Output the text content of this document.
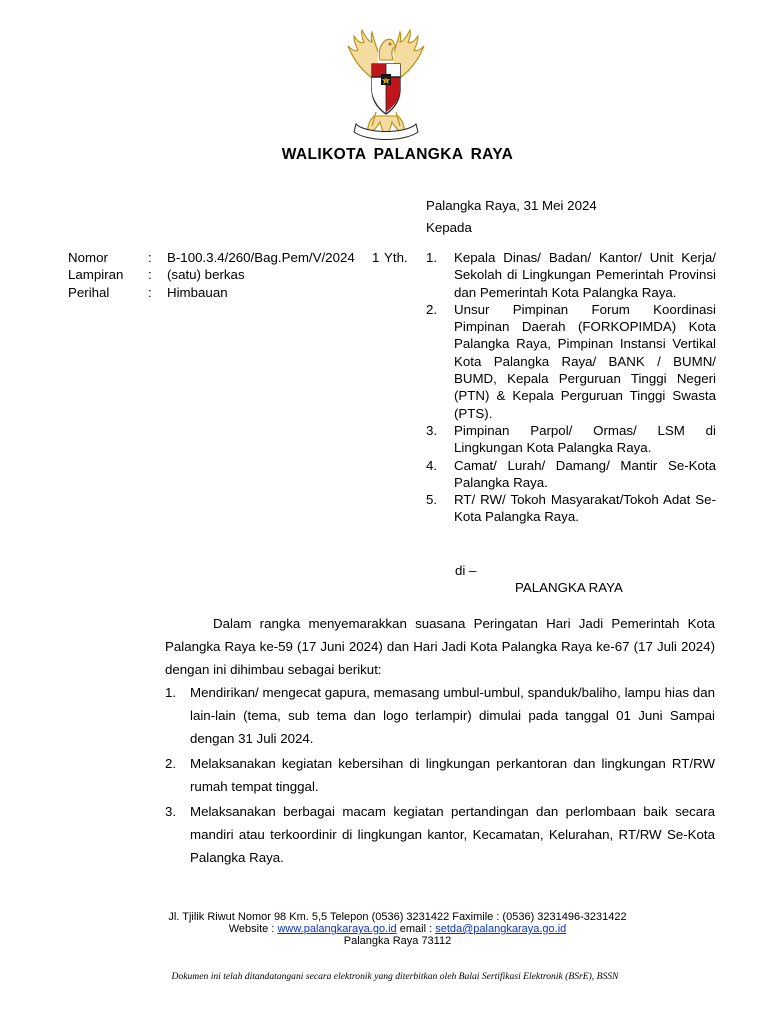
WALIKOTA PALANGKA RAYA
Palangka Raya, 31 Mei 2024
Kepada
Nomor	: B-100.3.4/260/Bag.Pem/V/2024 Yth.
Lampiran	: (satu) berkas
Perihal	: Himbauan
1. Kepala Dinas/ Badan/ Kantor/ Unit Kerja/ Sekolah di Lingkungan Pemerintah Provinsi dan Pemerintah Kota Palangka Raya.
2. Unsur Pimpinan Forum Koordinasi Pimpinan Daerah (FORKOPIMDA) Kota Palangka Raya, Pimpinan Instansi Vertikal Kota Palangka Raya/ BANK / BUMN/ BUMD, Kepala Perguruan Tinggi Negeri (PTN) & Kepala Perguruan Tinggi Swasta (PTS).
3. Pimpinan Parpol/ Ormas/ LSM di Lingkungan Kota Palangka Raya.
4. Camat/ Lurah/ Damang/ Mantir Se-Kota Palangka Raya.
5. RT/ RW/ Tokoh Masyarakat/Tokoh Adat Se-Kota Palangka Raya.
di –
PALANGKA RAYA

Dalam rangka menyemarakkan suasana Peringatan Hari Jadi Pemerintah Kota Palangka Raya ke-59 (17 Juni 2024) dan Hari Jadi Kota Palangka Raya ke-67 (17 Juli 2024) dengan ini dihimbau sebagai berikut:

1. Mendirikan/ mengecat gapura, memasang umbul-umbul, spanduk/baliho, lampu hias dan lain-lain (tema, sub tema dan logo terlampir) dimulai pada tanggal 01 Juni Sampai dengan 31 Juli 2024.
2. Melaksanakan kegiatan kebersihan di lingkungan perkantoran dan lingkungan RT/RW rumah tempat tinggal.
3. Melaksanakan berbagai macam kegiatan pertandingan dan perlombaan baik secara mandiri atau terkoordinir di lingkungan kantor, Kecamatan, Kelurahan, RT/RW Se-Kota Palangka Raya.
Jl. Tjilik Riwut Nomor 98 Km. 5,5 Telepon (0536) 3231422 Faximile : (0536) 3231496-3231422
Website : www.palangkaraya.go.id email : setda@palangkaraya.go.id
Palangka Raya 73112
Dokumen ini telah ditandatangani secara elektronik yang diterbitkan oleh Balai Sertifikasi Elektronik (BSrE), BSSN
1
